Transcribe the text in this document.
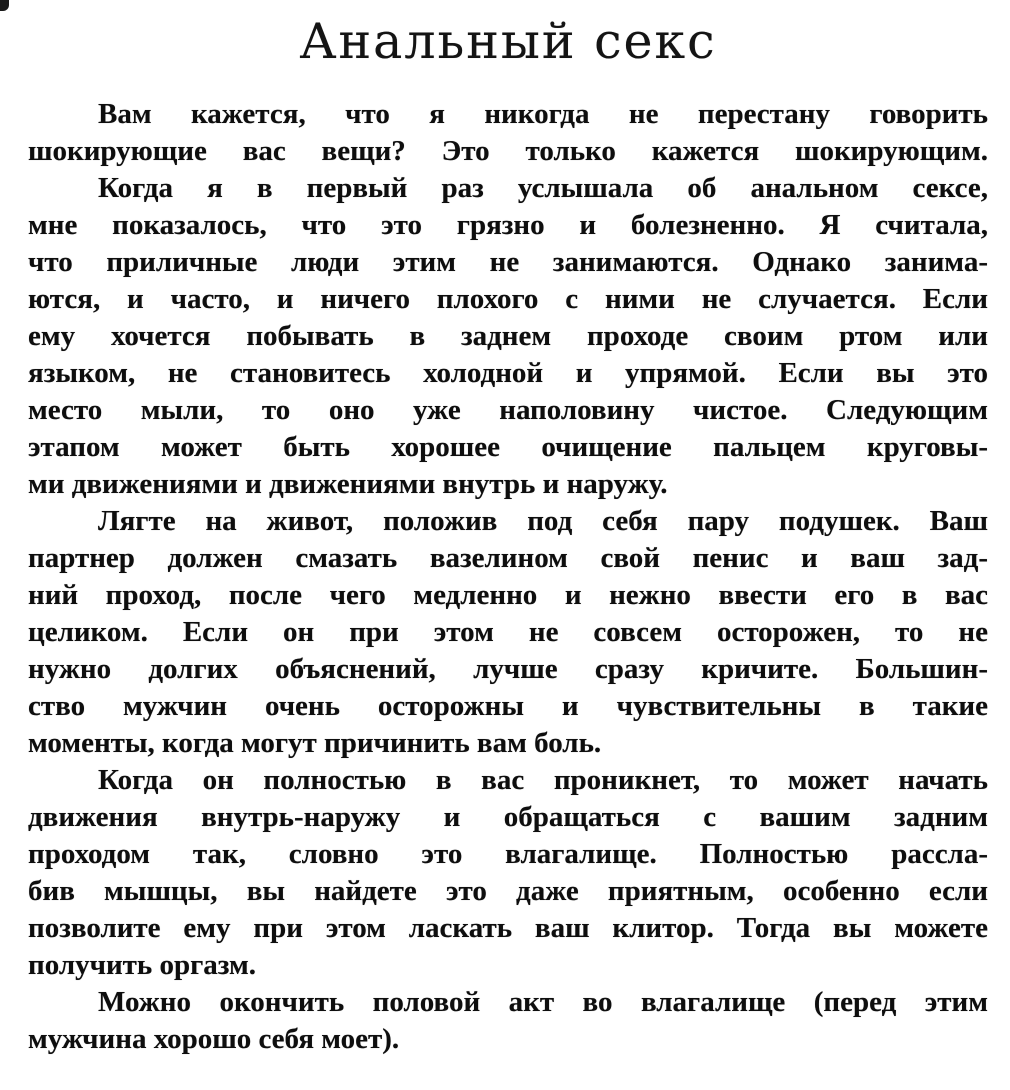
Анальный секс
Вам кажется, что я никогда не перестану говорить
шокирующие вас вещи? Это только кажется шокирующим.
Когда я в первый раз услышала об анальном сексе,
мне показалось, что это грязно и болезненно. Я считала,
что приличные люди этим не занимаются. Однако занима-
ются, и часто, и ничего плохого с ними не случается. Если
ему хочется побывать в заднем проходе своим ртом или
языком, не становитесь холодной и упрямой. Если вы это
место мыли, то оно уже наполовину чистое. Следующим
этапом может быть хорошее очищение пальцем круговы-
ми движениями и движениями внутрь и наружу.
Лягте на живот, положив под себя пару подушек. Ваш
партнер должен смазать вазелином свой пенис и ваш зад-
ний проход, после чего медленно и нежно ввести его в вас
целиком. Если он при этом не совсем осторожен, то не
нужно долгих объяснений, лучше сразу кричите. Большин-
ство мужчин очень осторожны и чувствительны в такие
моменты, когда могут причинить вам боль.
Когда он полностью в вас проникнет, то может начать
движения внутрь-наружу и обращаться с вашим задним
проходом так, словно это влагалище. Полностью рассла-
бив мышцы, вы найдете это даже приятным, особенно если
позволите ему при этом ласкать ваш клитор. Тогда вы можете
получить оргазм.
Можно окончить половой акт во влагалище (перед этим
мужчина хорошо себя моет).
